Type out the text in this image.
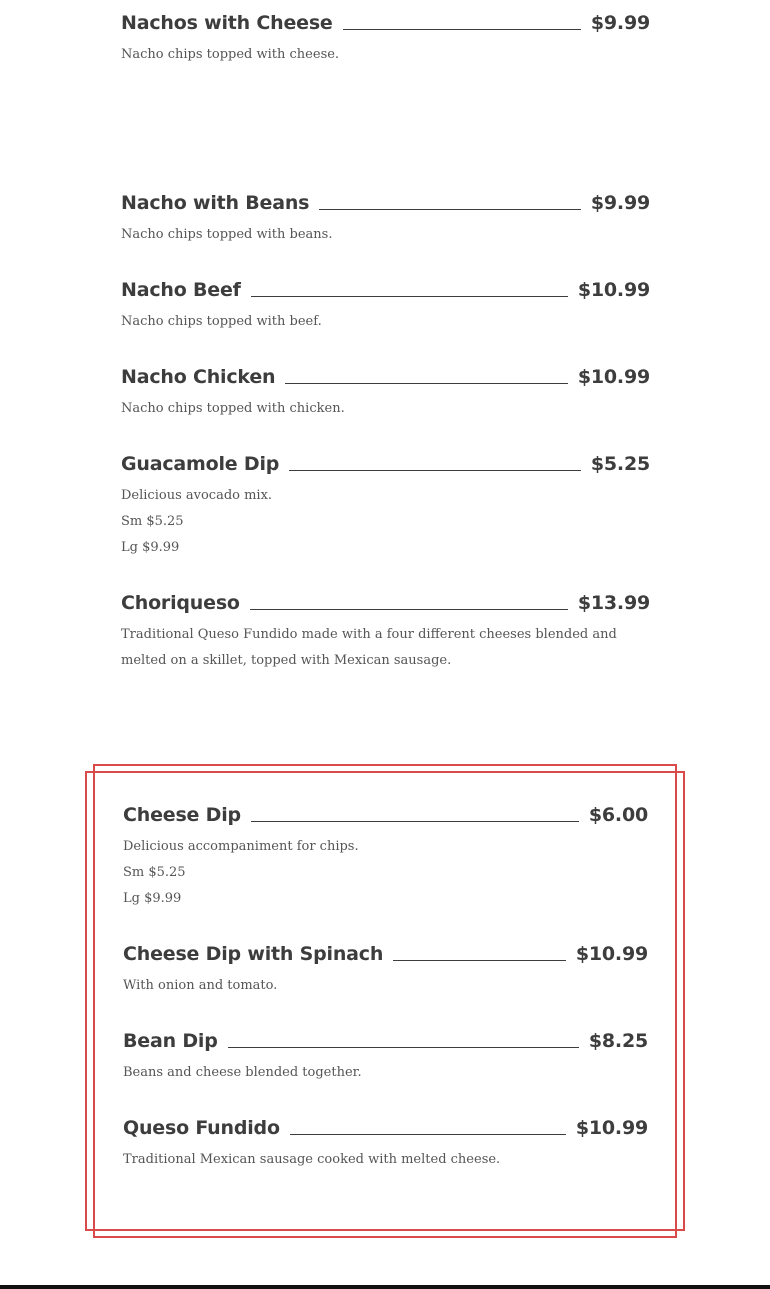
Nachos with Cheese	$9.99

Nacho chips topped with cheese.

Nacho with Beans	$9.99

Nacho chips topped with beans.

Nacho Beef	$10.99

Nacho chips topped with beef.

Nacho Chicken	$10.99

Nacho chips topped with chicken.

Guacamole Dip	$5.25

Delicious avocado mix.

Sm $5.25

Lg $9.99

Choriqueso	$13.99

Traditional Queso Fundido made with a four different cheeses blended and melted on a skillet, topped with Mexican sausage.

Cheese Dip	$6.00

Delicious accompaniment for chips.

Sm $5.25

Lg $9.99

Cheese Dip with Spinach	$10.99

With onion and tomato.

Bean Dip	$8.25

Beans and cheese blended together.

Queso Fundido	$10.99

Traditional Mexican sausage cooked with melted cheese.
